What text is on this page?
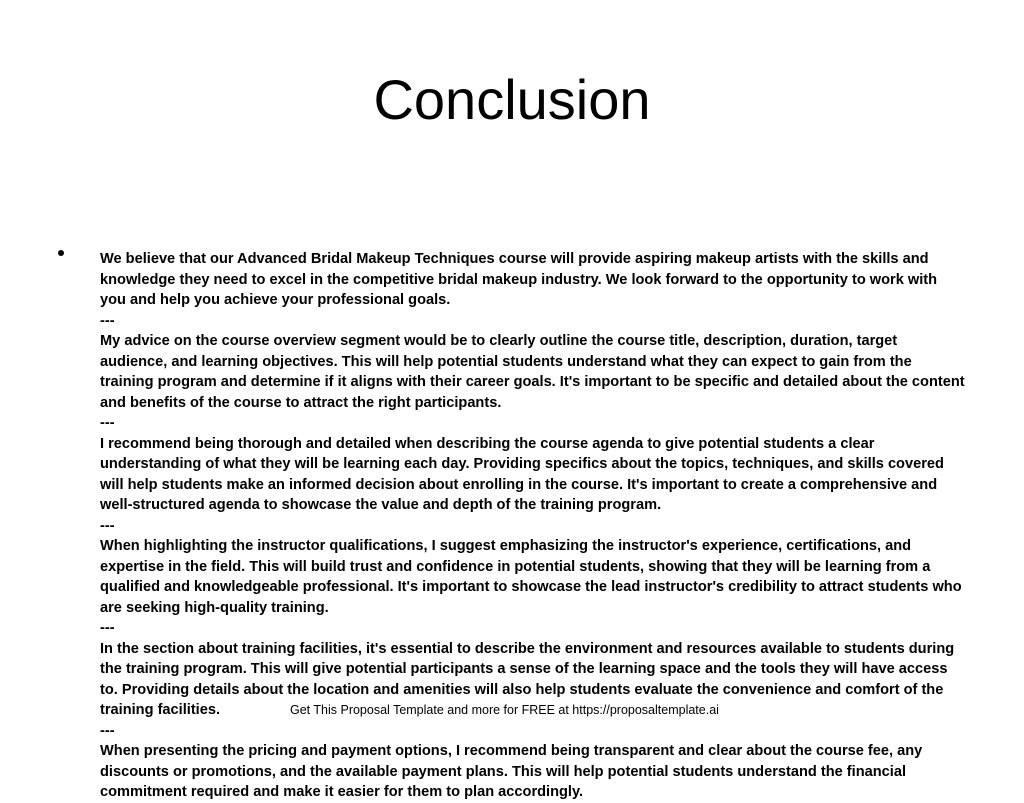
Conclusion

We believe that our Advanced Bridal Makeup Techniques course will provide aspiring makeup artists with the skills and knowledge they need to excel in the competitive bridal makeup industry. We look forward to the opportunity to work with you and help you achieve your professional goals.

---

My advice on the course overview segment would be to clearly outline the course title, description, duration, target audience, and learning objectives. This will help potential students understand what they can expect to gain from the training program and determine if it aligns with their career goals. It's important to be specific and detailed about the content and benefits of the course to attract the right participants.

---

I recommend being thorough and detailed when describing the course agenda to give potential students a clear understanding of what they will be learning each day. Providing specifics about the topics, techniques, and skills covered will help students make an informed decision about enrolling in the course. It's important to create a comprehensive and well-structured agenda to showcase the value and depth of the training program.

---

When highlighting the instructor qualifications, I suggest emphasizing the instructor's experience, certifications, and expertise in the field. This will build trust and confidence in potential students, showing that they will be learning from a qualified and knowledgeable professional. It's important to showcase the lead instructor's credibility to attract students who are seeking high-quality training.

---

In the section about training facilities, it's essential to describe the environment and resources available to students during the training program. This will give potential participants a sense of the learning space and the tools they will have access to. Providing details about the location and amenities will also help students evaluate the convenience and comfort of the training facilities.

---

When presenting the pricing and payment options, I recommend being transparent and clear about the course fee, any discounts or promotions, and the available payment plans. This will help potential students understand the financial commitment required and make it easier for them to plan accordingly.

Get This Proposal Template and more for FREE at https://proposaltemplate.ai
